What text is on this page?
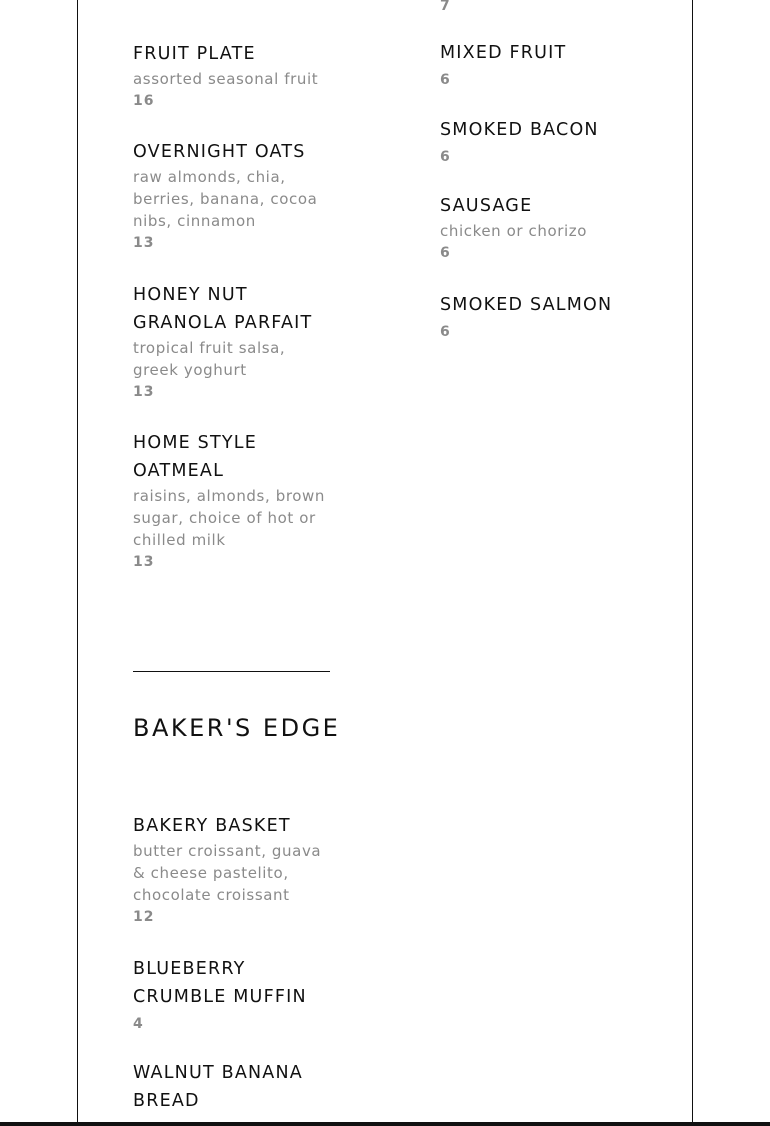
7

FRUIT PLATE

assorted seasonal fruit

16

OVERNIGHT OATS

raw almonds, chia, berries, banana, cocoa nibs, cinnamon

13

HONEY NUT GRANOLA PARFAIT

tropical fruit salsa, greek yoghurt

13

HOME STYLE OATMEAL

raisins, almonds, brown sugar, choice of hot or chilled milk

13

MIXED FRUIT

6

SMOKED BACON

6

SAUSAGE

chicken or chorizo

6

SMOKED SALMON

6

BAKER'S EDGE

BAKERY BASKET

butter croissant, guava & cheese pastelito, chocolate croissant

12

BLUEBERRY CRUMBLE MUFFIN

4

WALNUT BANANA BREAD
